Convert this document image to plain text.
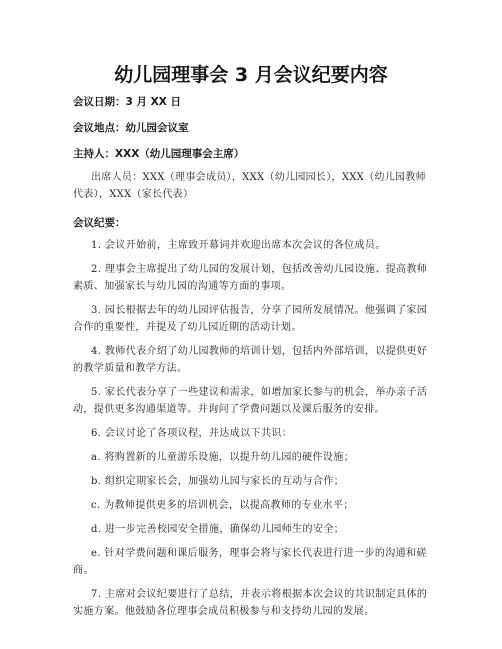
幼儿园理事会 3 月会议纪要内容

会议日期：3 月 XX 日

会议地点：幼儿园会议室

主持人：XXX（幼儿园理事会主席）

出席人员：XXX（理事会成员），XXX（幼儿园园长），XXX（幼儿园教师代表），XXX（家长代表）

会议纪要：

1. 会议开始前，主席致开幕词并欢迎出席本次会议的各位成员。

2. 理事会主席提出了幼儿园的发展计划，包括改善幼儿园设施、提高教师素质、加强家长与幼儿园的沟通等方面的事项。

3. 园长根据去年的幼儿园评估报告，分享了园所发展情况。他强调了家园合作的重要性，并提及了幼儿园近期的活动计划。

4. 教师代表介绍了幼儿园教师的培训计划，包括内外部培训，以提供更好的教学质量和教学方法。

5. 家长代表分享了一些建议和需求，如增加家长参与的机会，举办亲子活动，提供更多沟通渠道等。并询问了学费问题以及课后服务的安排。

6. 会议讨论了各项议程，并达成以下共识：

a. 将购置新的儿童游乐设施，以提升幼儿园的硬件设施；

b. 组织定期家长会，加强幼儿园与家长的互动与合作；

c. 为教师提供更多的培训机会，以提高教师的专业水平；

d. 进一步完善校园安全措施，确保幼儿园师生的安全；

e. 针对学费问题和课后服务，理事会将与家长代表进行进一步的沟通和磋商。

7. 主席对会议纪要进行了总结，并表示将根据本次会议的共识制定具体的实施方案。他鼓励各位理事会成员积极参与和支持幼儿园的发展。
